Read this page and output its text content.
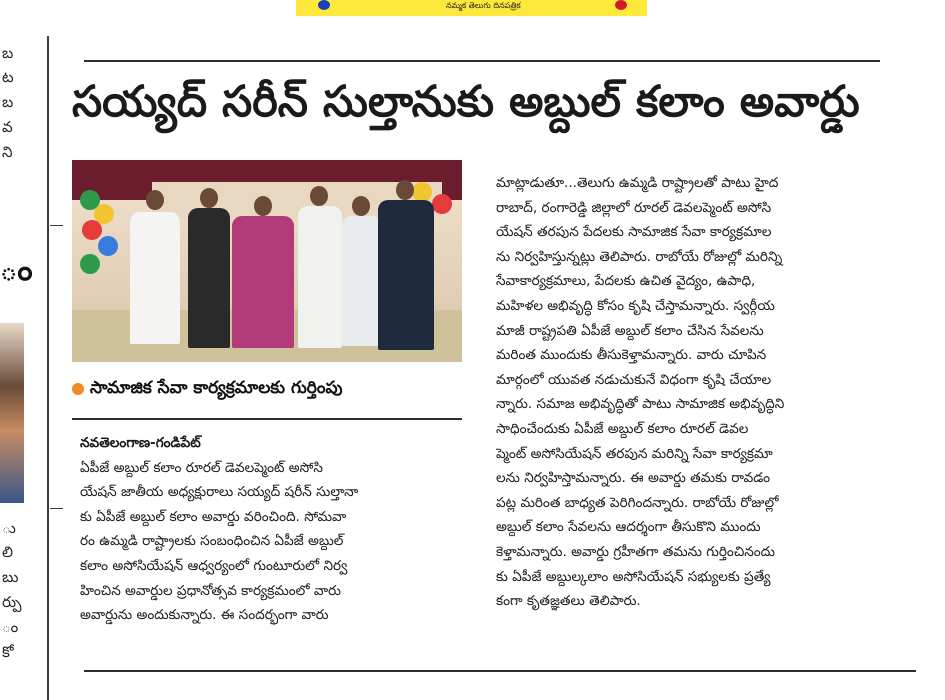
నమ్మక తెలుగు దినపత్రిక
బ
ట
బ
వ
ని
ు
లి
బు
ర్పు
ం
కో
ం
సయ్యద్ సరీన్ సుల్తానుకు అబ్దుల్ కలాం అవార్డు
సామాజిక సేవా కార్యక్రమాలకు గుర్తింపు
నవతెలంగాణ-గండిపేట్
ఏపీజే అబ్దుల్ కలాం రూరల్ డెవలప్మెంట్ అసోసి
యేషన్ జాతీయ అధ్యక్షురాలు సయ్యద్ షరీన్ సుల్తానా
కు ఏపీజే అబ్దుల్ కలాం అవార్డు వరించింది. సోమవా
రం ఉమ్మడి రాష్ట్రాలకు సంబంధించిన ఏపీజే అబ్దుల్
కలాం అసోసియేషన్ ఆధ్వర్యంలో గుంటూరులో నిర్వ
హించిన అవార్డుల ప్రధానోత్సవ కార్యక్రమంలో వారు
అవార్డును అందుకున్నారు. ఈ సందర్భంగా వారు
మాట్లాడుతూ...తెలుగు ఉమ్మడి రాష్ట్రాలతో పాటు హైద
రాబాద్, రంగారెడ్డి జిల్లాలో రూరల్ డెవలప్మెంట్ అసోసి
యేషన్ తరపున పేదలకు సామాజిక సేవా కార్యక్రమాల
ను నిర్వహిస్తున్నట్లు తెలిపారు. రాబోయే రోజుల్లో మరిన్ని
సేవాకార్యక్రమాలు, పేదలకు ఉచిత వైద్యం, ఉపాధి,
మహిళల అభివృద్ధి కోసం కృషి చేస్తామన్నారు. స్వర్గీయ
మాజీ రాష్ట్రపతి ఏపీజే అబ్దుల్ కలాం చేసిన సేవలను
మరింత ముందుకు తీసుకెళ్తామన్నారు. వారు చూపిన
మార్గంలో యువత నడుచుకునే విధంగా కృషి చేయాల
న్నారు. సమాజ అభివృద్ధితో పాటు సామాజిక అభివృద్ధిని
సాధించేందుకు ఏపీజే అబ్దుల్ కలాం రూరల్ డెవల
ప్మెంట్ అసోసియేషన్ తరపున మరిన్ని సేవా కార్యక్రమా
లను నిర్వహిస్తామన్నారు. ఈ అవార్డు తమకు రావడం
పట్ల మరింత బాధ్యత పెరిగిందన్నారు. రాబోయే రోజుల్లో
అబ్దుల్ కలాం సేవలను ఆదర్శంగా తీసుకొని ముందు
కెళ్తామన్నారు. అవార్డు గ్రహీతగా తమను గుర్తించినందు
కు ఏపీజే అబ్దుల్కలాం అసోసియేషన్ సభ్యులకు ప్రత్యే
కంగా కృతజ్ఞతలు తెలిపారు.
